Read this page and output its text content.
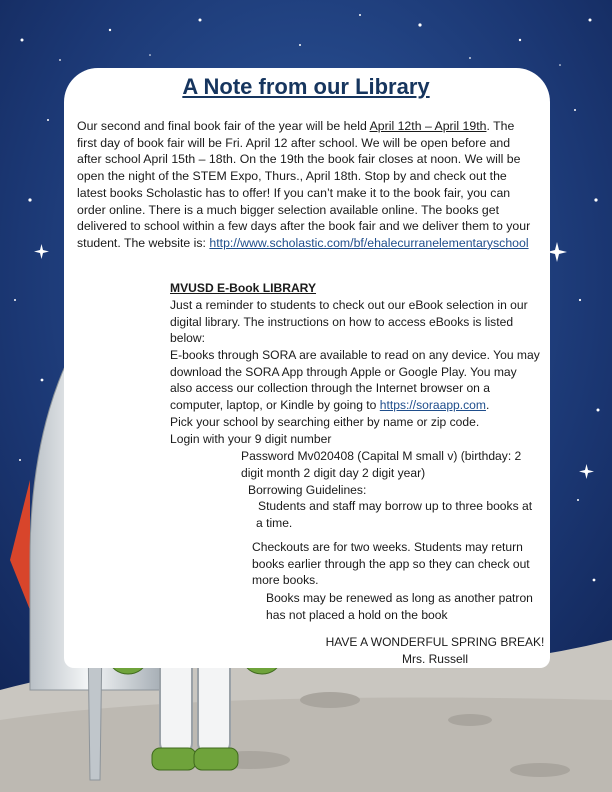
A Note from our Library
Our second and final book fair of the year will be held April 12th – April 19th. The first day of book fair will be Fri. April 12 after school. We will be open before and after school April 15th – 18th. On the 19th the book fair closes at noon. We will be open the night of the STEM Expo, Thurs., April 18th. Stop by and check out the latest books Scholastic has to offer! If you can’t make it to the book fair, you can order online. There is a much bigger selection available online. The books get delivered to school within a few days after the book fair and we deliver them to your student. The website is: http://www.scholastic.com/bf/ehalecurranelementaryschool
MVUSD E-Book LIBRARY
Just a reminder to students to check out our eBook selection in our digital library. The instructions on how to access eBooks is listed below:
E-books through SORA are available to read on any device. You may download the SORA App through Apple or Google Play. You may also access our collection through the Internet browser on a computer, laptop, or Kindle by going to https://soraapp.com.
Pick your school by searching either by name or zip code.
Login with your 9 digit number
Password Mv020408 (Capital M small v) (birthday: 2 digit month 2 digit day 2 digit year)
Borrowing Guidelines:
Students and staff may borrow up to three books at a time.
Checkouts are for two weeks. Students may return books earlier through the app so they can check out more books.
Books may be renewed as long as another patron has not placed a hold on the book
HAVE A WONDERFUL SPRING BREAK!
Mrs. Russell
